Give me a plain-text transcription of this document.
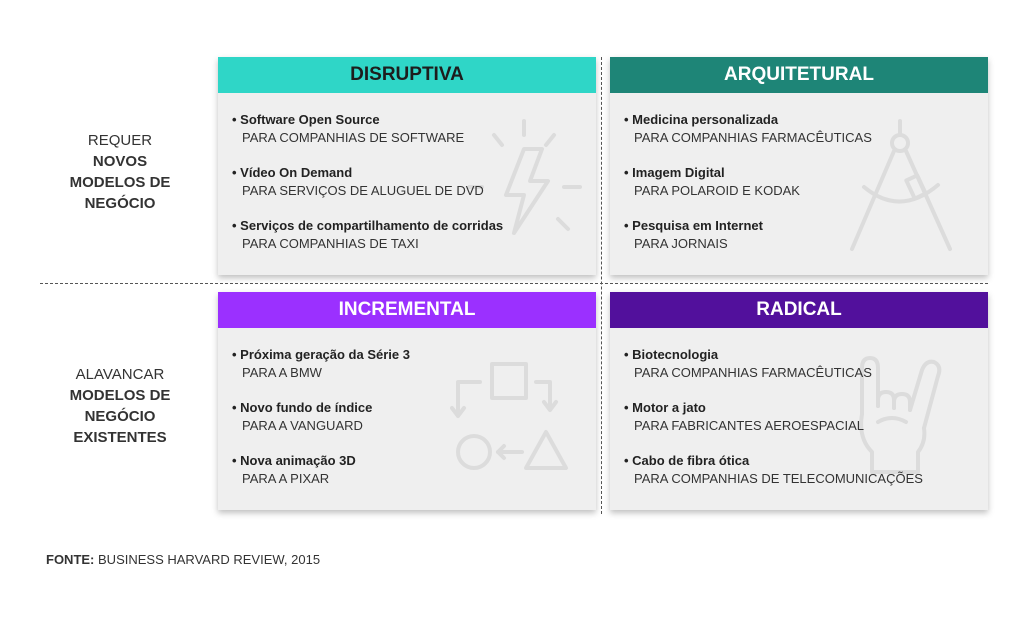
REQUER
NOVOS
MODELOS DE
NEGÓCIO
ALAVANCAR
MODELOS DE
NEGÓCIO
EXISTENTES
DISRUPTIVA
• Software Open Source
PARA COMPANHIAS DE SOFTWARE
• Vídeo On Demand
PARA SERVIÇOS DE ALUGUEL DE DVD
• Serviços de compartilhamento de corridas
PARA COMPANHIAS DE TAXI
ARQUITETURAL
• Medicina personalizada
PARA COMPANHIAS FARMACÊUTICAS
• Imagem Digital
PARA POLAROID E KODAK
• Pesquisa em Internet
PARA JORNAIS
INCREMENTAL
• Próxima geração da Série 3
PARA A BMW
• Novo fundo de índice
PARA A VANGUARD
• Nova animação 3D
PARA A PIXAR
RADICAL
• Biotecnologia
PARA COMPANHIAS FARMACÊUTICAS
• Motor a jato
PARA FABRICANTES AEROESPACIAL
• Cabo de fibra ótica
PARA COMPANHIAS DE TELECOMUNICAÇÕES
FONTE: BUSINESS HARVARD REVIEW, 2015
